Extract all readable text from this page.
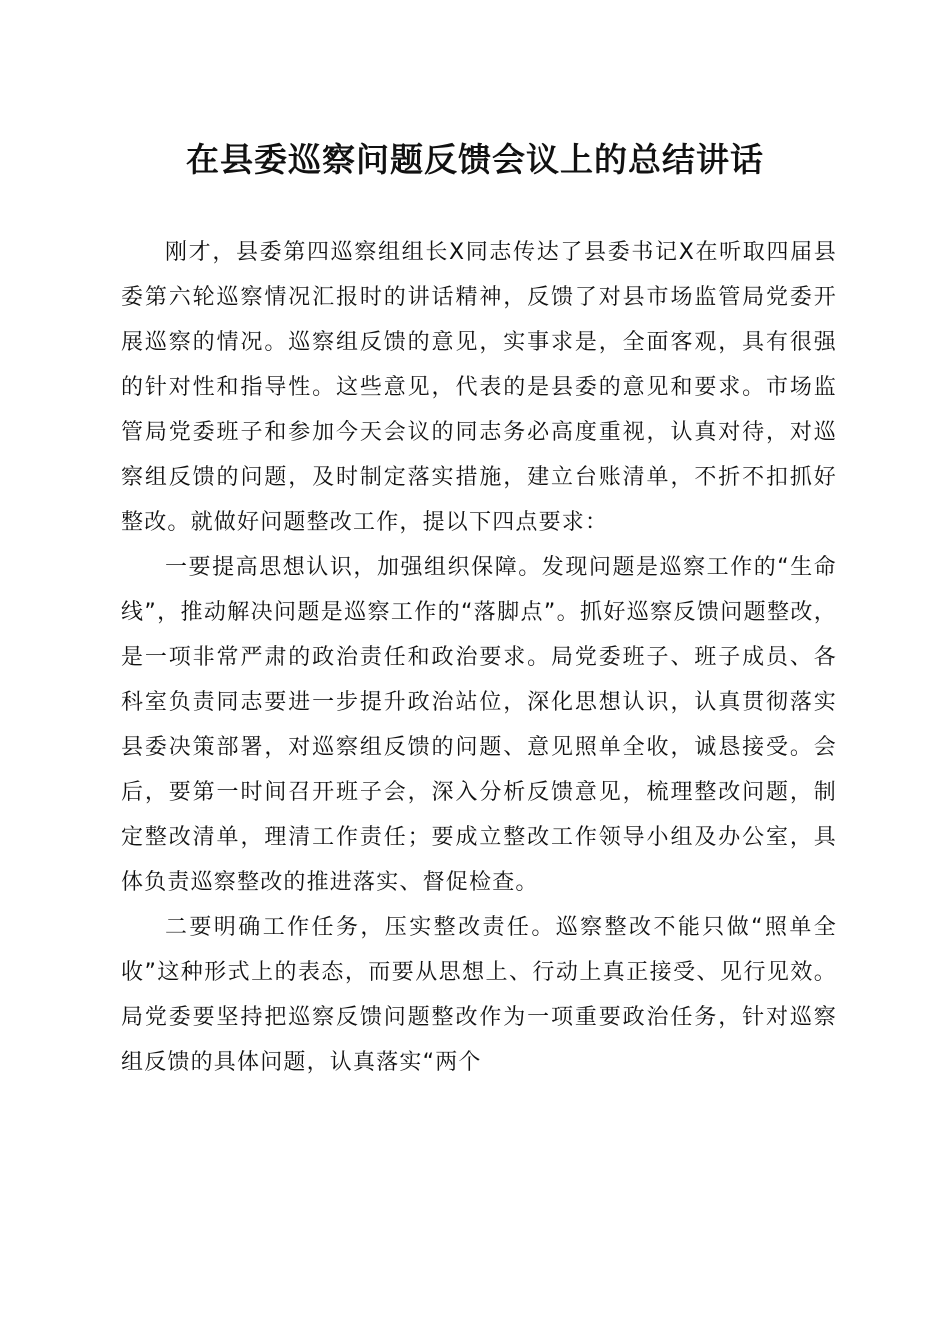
在县委巡察问题反馈会议上的总结讲话

刚才，县委第四巡察组组长X同志传达了县委书记X在听取四届县委第六轮巡察情况汇报时的讲话精神，反馈了对县市场监管局党委开展巡察的情况。巡察组反馈的意见，实事求是，全面客观，具有很强的针对性和指导性。这些意见，代表的是县委的意见和要求。市场监管局党委班子和参加今天会议的同志务必高度重视，认真对待，对巡察组反馈的问题，及时制定落实措施，建立台账清单，不折不扣抓好整改。就做好问题整改工作，提以下四点要求：

一要提高思想认识，加强组织保障。发现问题是巡察工作的“生命线”，推动解决问题是巡察工作的“落脚点”。抓好巡察反馈问题整改，是一项非常严肃的政治责任和政治要求。局党委班子、班子成员、各科室负责同志要进一步提升政治站位，深化思想认识，认真贯彻落实县委决策部署，对巡察组反馈的问题、意见照单全收，诚恳接受。会后，要第一时间召开班子会，深入分析反馈意见，梳理整改问题，制定整改清单，理清工作责任；要成立整改工作领导小组及办公室，具体负责巡察整改的推进落实、督促检查。

二要明确工作任务，压实整改责任。巡察整改不能只做“照单全收”这种形式上的表态，而要从思想上、行动上真正接受、见行见效。局党委要坚持把巡察反馈问题整改作为一项重要政治任务，针对巡察组反馈的具体问题，认真落实“两个
